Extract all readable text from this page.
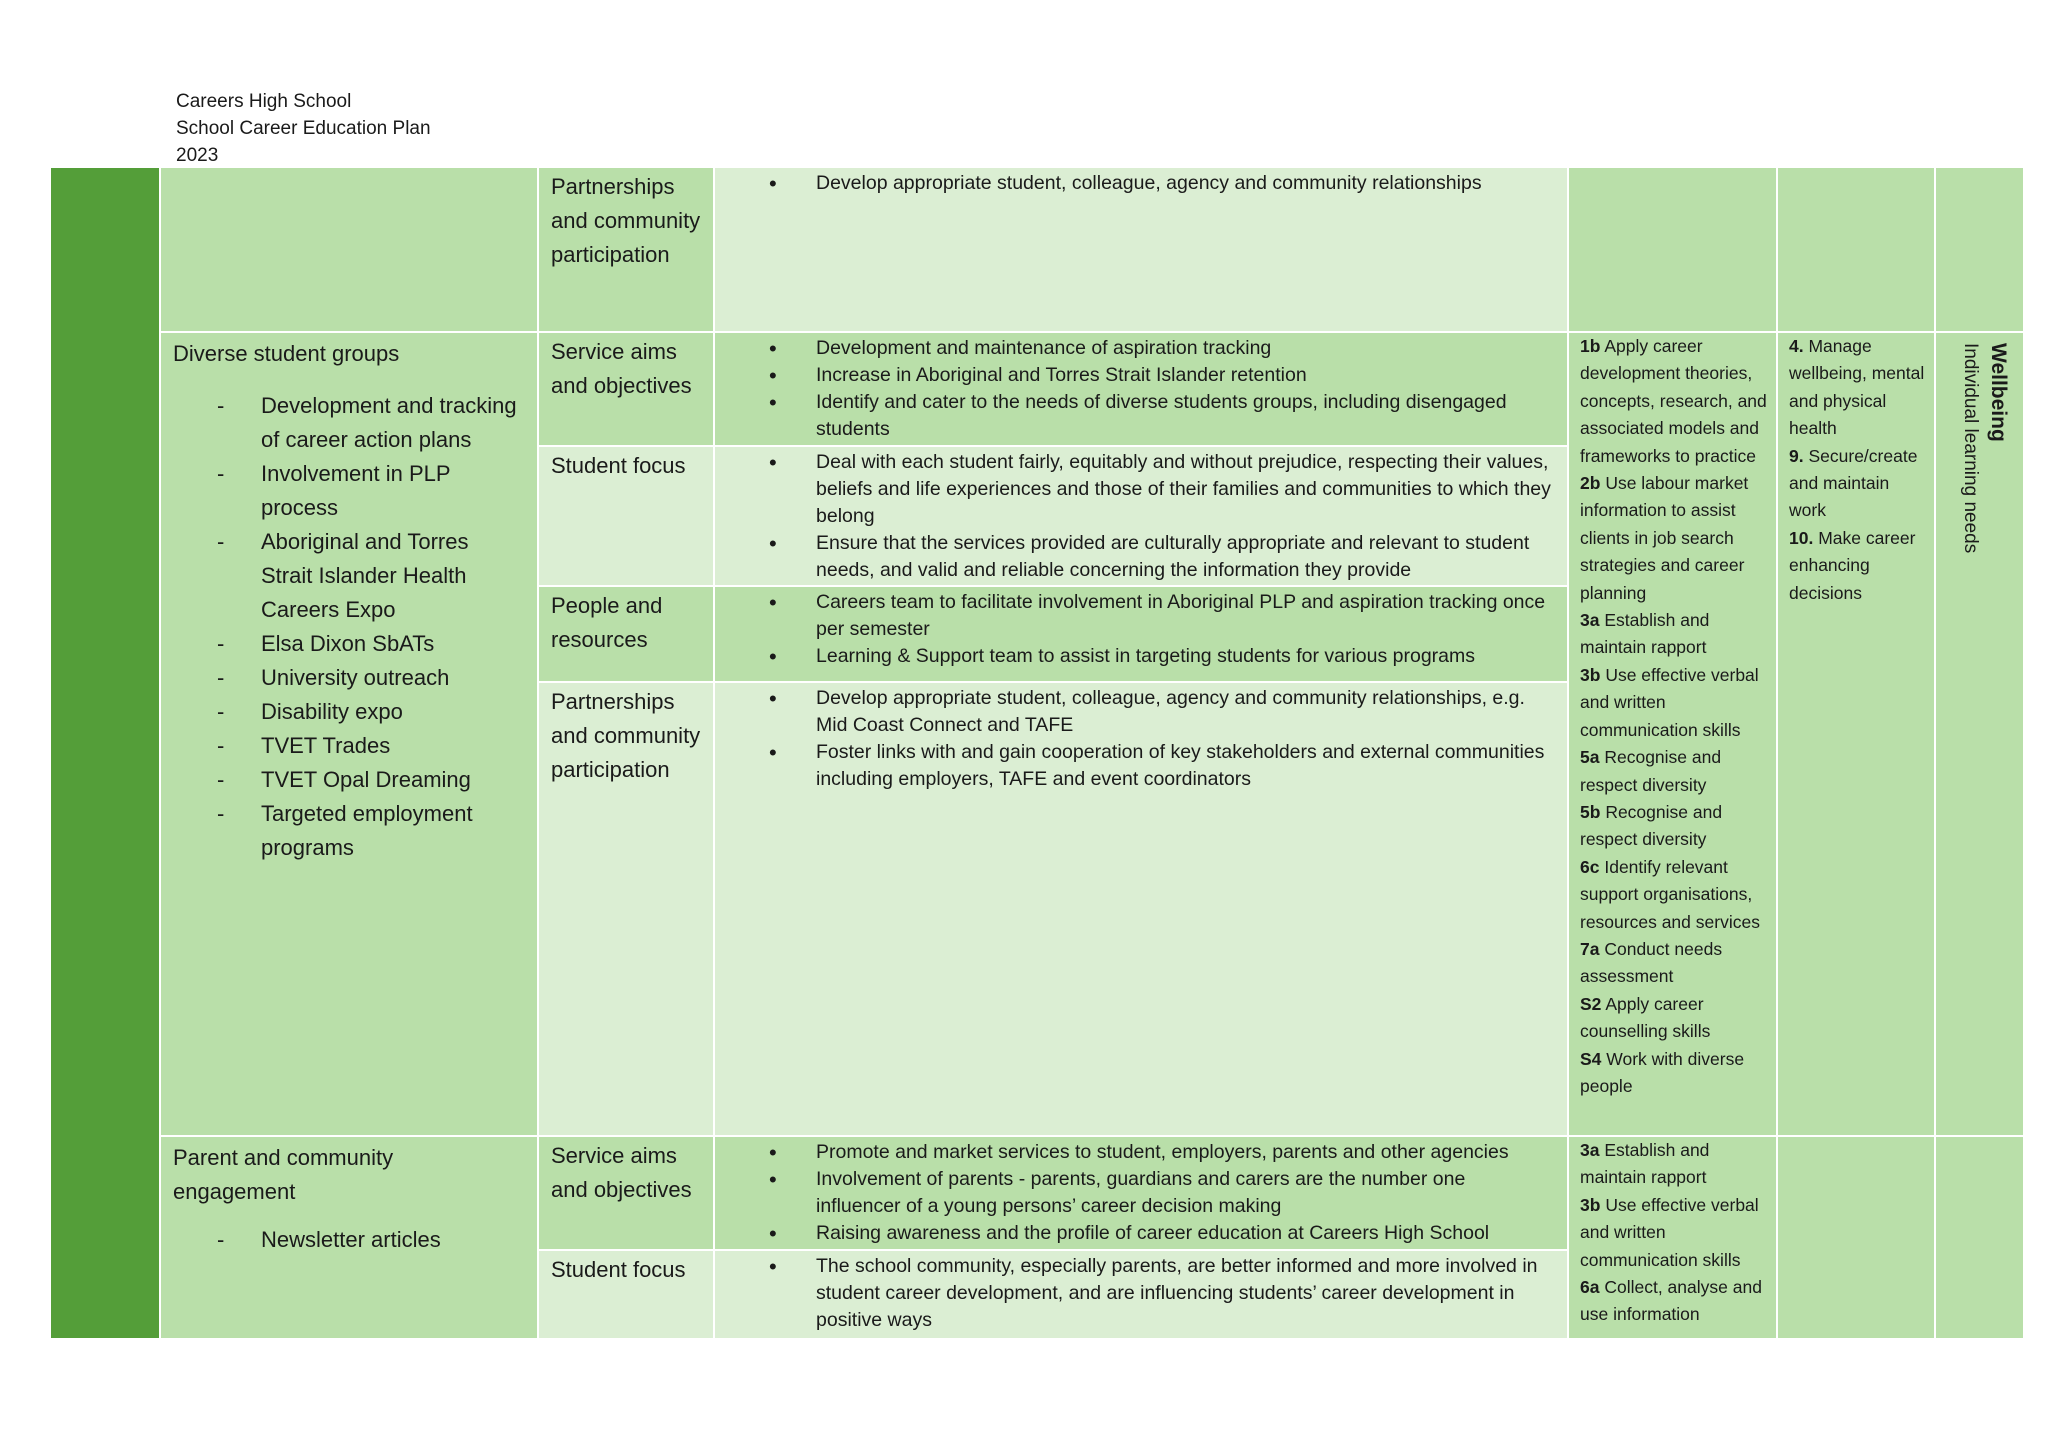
Careers High School
School Career Education Plan
2023
Partnerships and community participation
• Develop appropriate student, colleague, agency and community relationships
Diverse student groups
- Development and tracking of career action plans
- Involvement in PLP process
- Aboriginal and Torres Strait Islander Health Careers Expo
- Elsa Dixon SbATs
- University outreach
- Disability expo
- TVET Trades
- TVET Opal Dreaming
- Targeted employment programs
Service aims and objectives
• Development and maintenance of aspiration tracking
• Increase in Aboriginal and Torres Strait Islander retention
• Identify and cater to the needs of diverse students groups, including disengaged students
Student focus	• Deal with each student fairly, equitably and without prejudice, respecting their values, beliefs and life experiences and those of their families and communities to which they belong
• Ensure that the services provided are culturally appropriate and relevant to student needs, and valid and reliable concerning the information they provide
People and resources
• Careers team to facilitate involvement in Aboriginal PLP and aspiration tracking once per semester
• Learning & Support team to assist in targeting students for various programs
Partnerships and community participation
• Develop appropriate student, colleague, agency and community relationships, e.g. Mid Coast Connect and TAFE
• Foster links with and gain cooperation of key stakeholders and external communities including employers, TAFE and event coordinators

1b Apply career development theories, concepts, research, and associated models and frameworks to practice

2b Use labour market information to assist clients in job search strategies and career planning

3a Establish and maintain rapport

3b Use effective verbal and written communication skills

5a Recognise and respect diversity

5b Recognise and respect diversity

6c Identify relevant support organisations, resources and services

7a Conduct needs assessment

S2 Apply career counselling skills

S4 Work with diverse people

4. Manage wellbeing, mental and physical health

9. Secure/create and maintain work

10. Make career enhancing decisions

Wellbeing
Individual learning needs
Parent and community engagement
- Newsletter articles
Service aims and objectives
• Promote and market services to student, employers, parents and other agencies
• Involvement of parents - parents, guardians and carers are the number one influencer of a young persons’ career decision making
• Raising awareness and the profile of career education at Careers High School
Student focus	• The school community, especially parents, are better informed and more involved in student career development, and are influencing students’ career development in positive ways

3a Establish and maintain rapport

3b Use effective verbal and written communication skills

6a Collect, analyse and use information
